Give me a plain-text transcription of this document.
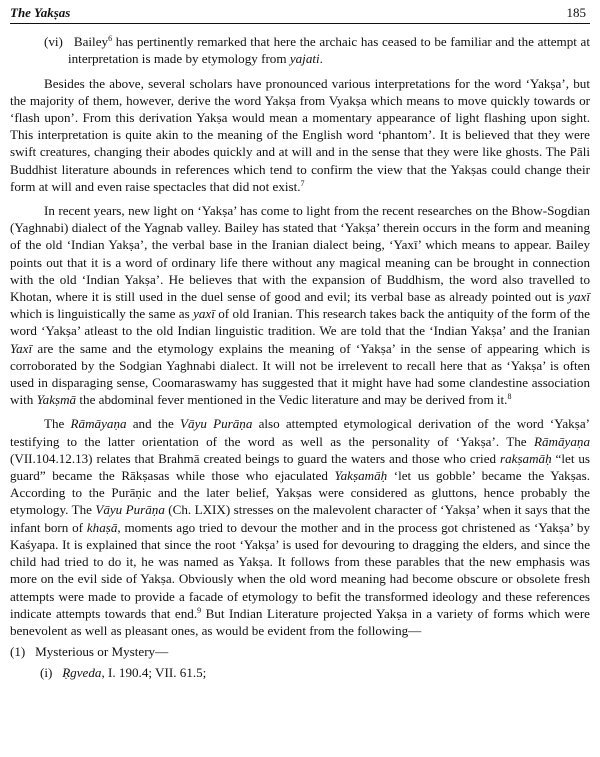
The Yakṣas	185

(vi) Bailey$^6$ has pertinently remarked that here the archaic has ceased to be familiar and the attempt at interpretation is made by etymology from yajati.

Besides the above, several scholars have pronounced various interpretations for the word ‘Yakṣa’, but the majority of them, however, derive the word Yakṣa from Vyakṣa which means to move quickly towards or ‘flash upon’. From this derivation Yakṣa would mean a momentary appearance of light flashing upon sight. This interpretation is quite akin to the meaning of the English word ‘phantom’. It is believed that they were swift creatures, changing their abodes quickly and at will and in the sense that they were like ghosts. The Pāli Buddhist literature abounds in references which tend to confirm the view that the Yakṣas could change their form at will and even raise spectacles that did not exist.$^7$

In recent years, new light on ‘Yakṣa’ has come to light from the recent researches on the Bhow-Sogdian (Yaghnabi) dialect of the Yagnab valley. Bailey has stated that ‘Yakṣa’ therein occurs in the form and meaning of the old ‘Indian Yakṣa’, the verbal base in the Iranian dialect being, ‘Yaxī’ which means to appear. Bailey points out that it is a word of ordinary life there without any magical meaning can be brought in connection with the old ‘Indian Yakṣa’. He believes that with the expansion of Buddhism, the word also travelled to Khotan, where it is still used in the duel sense of good and evil; its verbal base as already pointed out is yaxī which is linguistically the same as yaxī of old Iranian. This research takes back the antiquity of the form of the word ‘Yakṣa’ atleast to the old Indian linguistic tradition. We are told that the ‘Indian Yakṣa’ and the Iranian Yaxī are the same and the etymology explains the meaning of ‘Yakṣa’ in the sense of appearing which is corroborated by the Sodgian Yaghnabi dialect. It will not be irrelevent to recall here that as ‘Yakṣa’ is often used in disparaging sense, Coomaraswamy has suggested that it might have had some clandestine association with Yakṣmā the abdominal fever mentioned in the Vedic literature and may be derived from it.$^8$

The Rāmāyaṇa and the Vāyu Purāṇa also attempted etymological derivation of the word ‘Yakṣa’ testifying to the latter orientation of the word as well as the personality of ‘Yakṣa’. The Rāmāyaṇa (VII.104.12.13) relates that Brahmā created beings to guard the waters and those who cried rakṣamāḥ “let us guard” became the Rākṣasas while those who ejaculated Yakṣamāḥ ‘let us gobble’ became the Yakṣas. According to the Purāṇic and the later belief, Yakṣas were considered as gluttons, hence probably the etymology. The Vāyu Purāṇa (Ch. LXIX) stresses on the malevolent character of ‘Yakṣa’ when it says that the infant born of khaṣā, moments ago tried to devour the mother and in the process got christened as ‘Yakṣa’ by Kaśyapa. It is explained that since the root ‘Yakṣa’ is used for devouring to dragging the elders, and since the child had tried to do it, he was named as Yakṣa. It follows from these parables that the new emphasis was more on the evil side of Yakṣa. Obviously when the old word meaning had become obscure or obsolete fresh attempts were made to provide a facade of etymology to befit the transformed ideology and these references indicate attempts towards that end.$^9$ But Indian Literature projected Yakṣa in a variety of forms which were benevolent as well as pleasant ones, as would be evident from the following—

(1)   Mysterious or Mystery—

(i)   Ṛgveda, I. 190.4; VII. 61.5;
